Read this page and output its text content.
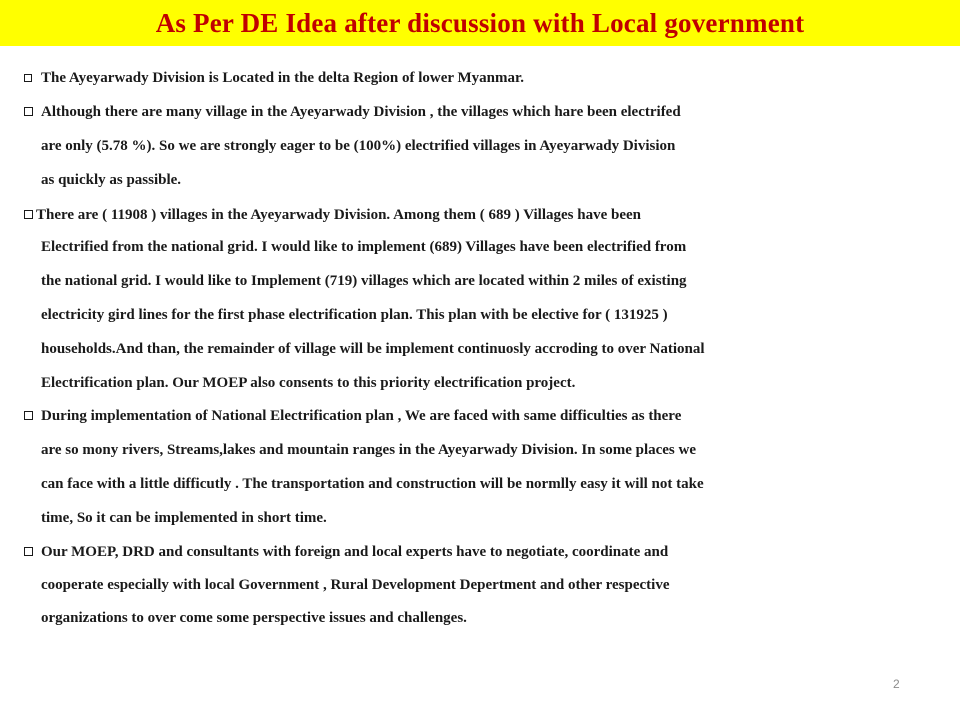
As Per DE Idea after discussion with Local government
The Ayeyarwady Division is Located in the delta Region of lower Myanmar.
Although there are many village in the Ayeyarwady Division , the villages which hare been electrifed
are only (5.78 %). So we are strongly eager to be (100%) electrified villages in Ayeyarwady Division
as quickly as passible.
There are ( 11908 ) villages in the Ayeyarwady Division. Among them ( 689 ) Villages have been
Electrified from the national grid. I would like to implement (689) Villages have been electrified from
the national grid. I would like to Implement (719) villages which are located within 2 miles of existing
electricity gird lines for the first phase electrification plan. This plan with be elective for ( 131925 )
households.And than, the remainder of village will be implement continuosly accroding to over National
Electrification plan. Our MOEP also consents to this priority electrification project.
During implementation of National Electrification plan , We are faced with same difficulties as there
are so mony rivers, Streams,lakes and mountain ranges in the Ayeyarwady Division. In some places we
can face with a little difficutly . The transportation and construction will be normlly easy it will not take
time, So it can be implemented in short time.
Our MOEP, DRD and consultants with foreign and local experts have to negotiate, coordinate and
cooperate especially with local Government , Rural Development Depertment and other respective
organizations to over come some perspective issues and challenges.
2
